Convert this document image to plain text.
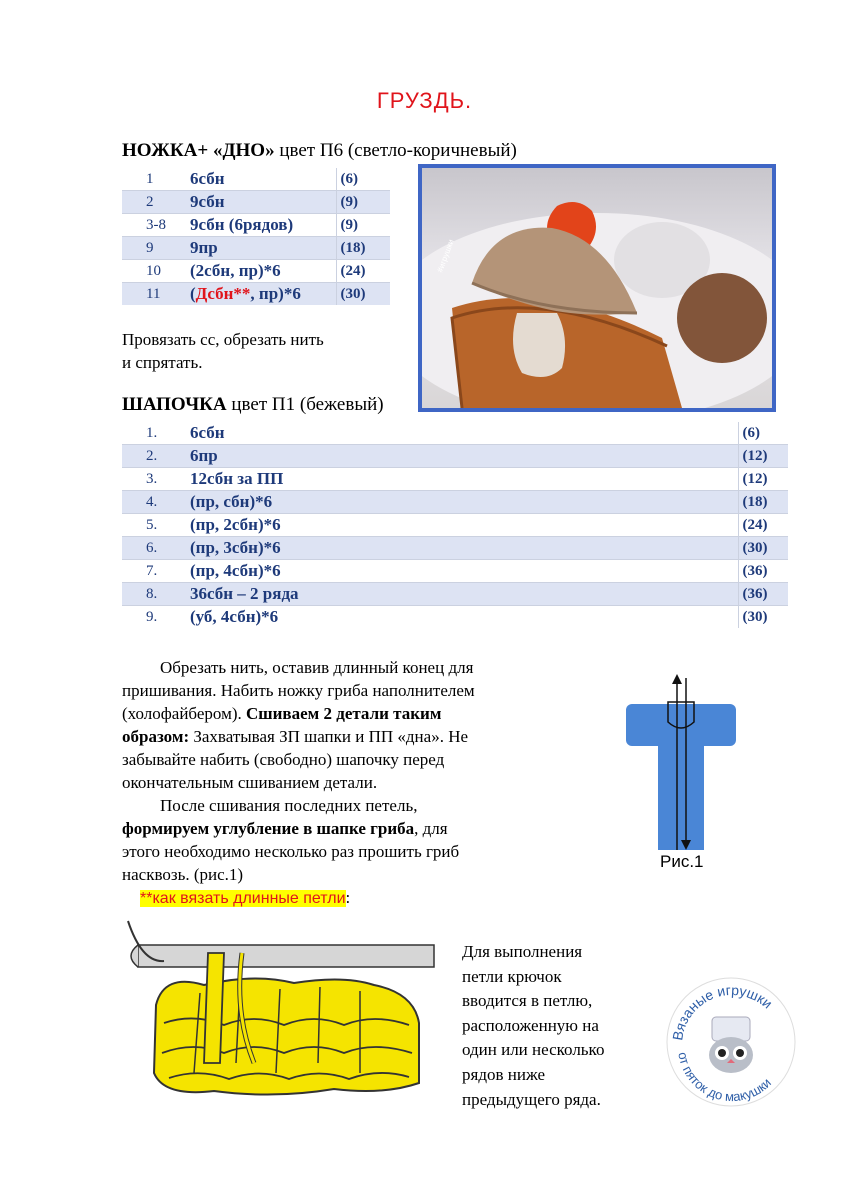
ГРУЗДЬ.
НОЖКА+ «ДНО» цвет П6 (светло-коричневый)
1	6сбн	(6)
2	9сбн	(9)
3-8	9сбн (6рядов)	(9)
9	9пр	(18)
10	(2сбн, пр)*6	(24)
11	(Дсбн**, пр)*6	(30)
Провязать сс, обрезать нить
и спрятать.
#игрушки
ШАПОЧКА цвет П1 (бежевый)
1.	6сбн	(6)
2.	6пр	(12)
3.	12сбн за ПП	(12)
4.	(пр, сбн)*6	(18)
5.	(пр, 2сбн)*6	(24)
6.	(пр, 3сбн)*6	(30)
7.	(пр, 4сбн)*6	(36)
8.	36сбн – 2 ряда	(36)
9.	(уб, 4сбн)*6	(30)
Обрезать нить, оставив длинный конец для
пришивания. Набить ножку гриба наполнителем
(холофайбером). Сшиваем 2 детали таким
образом: Захватывая ЗП шапки и ПП «дна». Не
забывайте набить (свободно) шапочку перед
окончательным сшиванием детали.
После сшивания последних петель,
формируем углубление в шапке гриба, для
этого необходимо несколько раз прошить гриб
насквозь. (рис.1)
Рис.1
**как вязать длинные петли:
Для выполнения
петли крючок
вводится в петлю,
расположенную на
один или несколько
рядов ниже
предыдущего ряда.
Вязаные игрушки
от пяток до макушки
